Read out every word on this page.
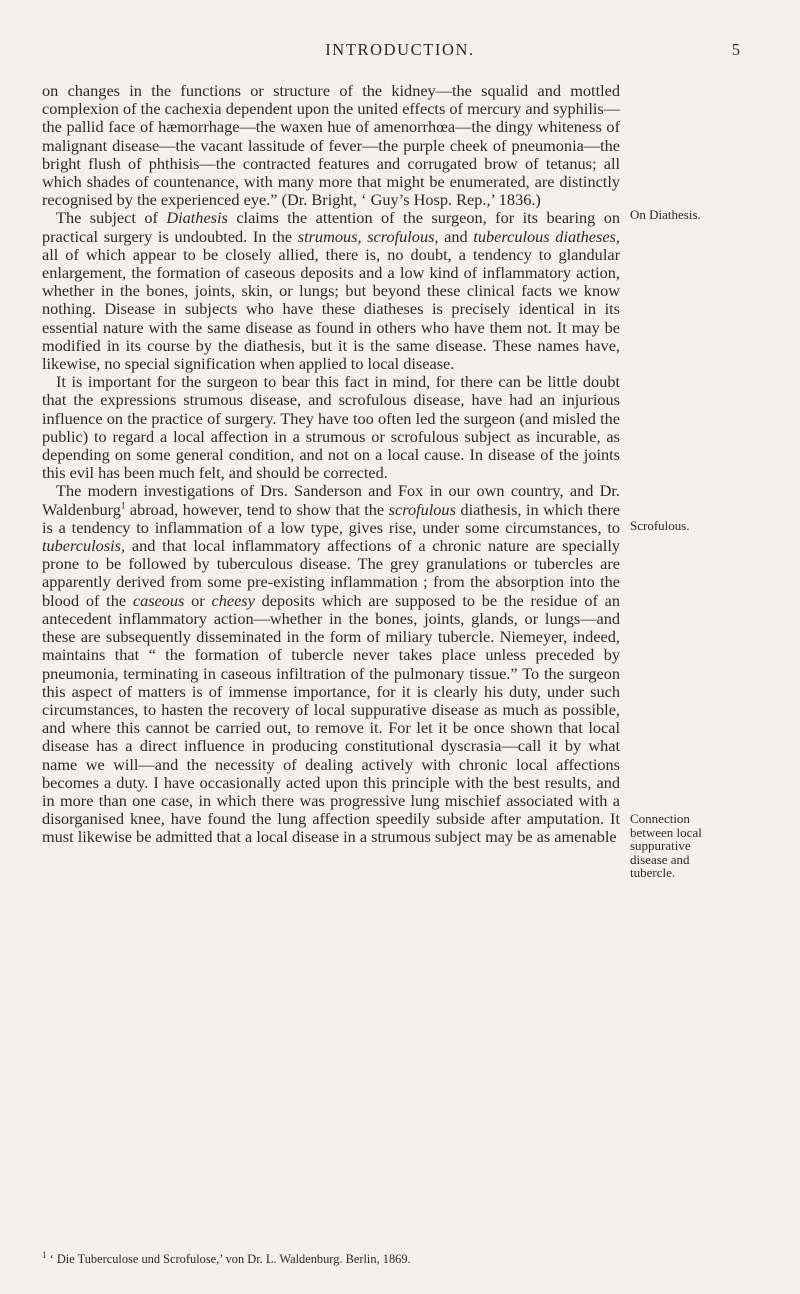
INTRODUCTION.	5

on changes in the functions or structure of the kidney—the squalid and mottled complexion of the cachexia dependent upon the united effects of mercury and syphilis—the pallid face of hæmorrhage—the waxen hue of amenorrhœa—the dingy whiteness of malignant disease—the vacant lassitude of fever—the purple cheek of pneumonia—the bright flush of phthisis—the contracted features and corrugated brow of tetanus; all which shades of countenance, with many more that might be enumerated, are distinctly recognised by the experienced eye.” (Dr. Bright, ‘ Guy’s Hosp. Rep.,’ 1836.)

The subject of Diathesis claims the attention of the surgeon, for its bearing on practical surgery is undoubted. In the strumous, scrofulous, and tuberculous diatheses, all of which appear to be closely allied, there is, no doubt, a tendency to glandular enlargement, the formation of caseous deposits and a low kind of inflammatory action, whether in the bones, joints, skin, or lungs; but beyond these clinical facts we know nothing. Disease in subjects who have these diatheses is precisely identical in its essential nature with the same disease as found in others who have them not. It may be modified in its course by the diathesis, but it is the same disease. These names have, likewise, no special signification when applied to local disease.

It is important for the surgeon to bear this fact in mind, for there can be little doubt that the expressions strumous disease, and scrofulous disease, have had an injurious influence on the practice of surgery. They have too often led the surgeon (and misled the public) to regard a local affection in a strumous or scrofulous subject as incurable, as depending on some general condition, and not on a local cause. In disease of the joints this evil has been much felt, and should be corrected.

The modern investigations of Drs. Sanderson and Fox in our own country, and Dr. Waldenburg$^1$ abroad, however, tend to show that the scrofulous diathesis, in which there is a tendency to inflammation of a low type, gives rise, under some circumstances, to tuberculosis, and that local inflammatory affections of a chronic nature are specially prone to be followed by tuberculous disease. The grey granulations or tubercles are apparently derived from some pre-existing inflammation ; from the absorption into the blood of the caseous or cheesy deposits which are supposed to be the residue of an antecedent inflammatory action—whether in the bones, joints, glands, or lungs—and these are subsequently disseminated in the form of miliary tubercle. Niemeyer, indeed, maintains that “ the formation of tubercle never takes place unless preceded by pneumonia, terminating in caseous infiltration of the pulmonary tissue.” To the surgeon this aspect of matters is of immense importance, for it is clearly his duty, under such circumstances, to hasten the recovery of local suppurative disease as much as possible, and where this cannot be carried out, to remove it. For let it be once shown that local disease has a direct influence in producing constitutional dyscrasia—call it by what name we will—and the necessity of dealing actively with chronic local affections becomes a duty. I have occasionally acted upon this principle with the best results, and in more than one case, in which there was progressive lung mischief associated with a disorganised knee, have found the lung affection speedily subside after amputation. It must likewise be admitted that a local disease in a strumous subject may be as amenable

On Diathesis.
Scrofulous.
Connection between local suppurative disease and tubercle.
$^1$ ‘ Die Tuberculose und Scrofulose,’ von Dr. L. Waldenburg. Berlin, 1869.
